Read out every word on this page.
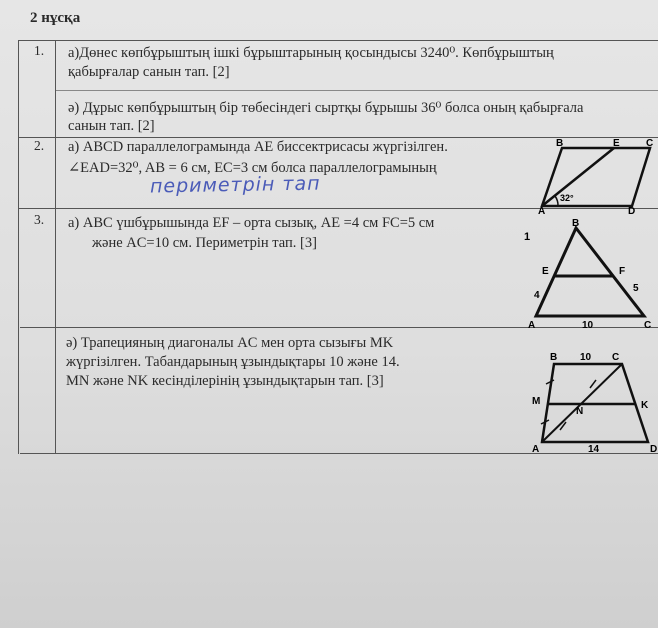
2 нұсқа
1. а)Дөнес көпбұрыштың ішкі бұрыштарының қосындысы 3240⁰. Көпбұрыштың
қабырғалар санын тап. [2]
ә) Дұрыс көпбұрыштың бір төбесіндегі сыртқы бұрышы 36⁰ болса оның қабырғала
санын тап. [2]
2. а) ABCD параллелограмында AE биссектрисасы жүргізілген.
∠EAD=32⁰, AB = 6 см, EC=3 см болса параллелограмының
периметрін тап
B	E	C
A	D
32°
3. а) ABC үшбұрышында EF – орта сызық, AE =4 см FC=5 см
және AC=10 см. Периметрін тап. [3]	1
B
E	F
A	C
4
5
10
ә) Трапецияның диагоналы AC мен орта сызығы MK
жүргізілген. Табандарының ұзындықтары 10 және 14.
MN және NK кесінділерінің ұзындықтарын тап. [3]
B 10 C
M
N
K
A	14	D
